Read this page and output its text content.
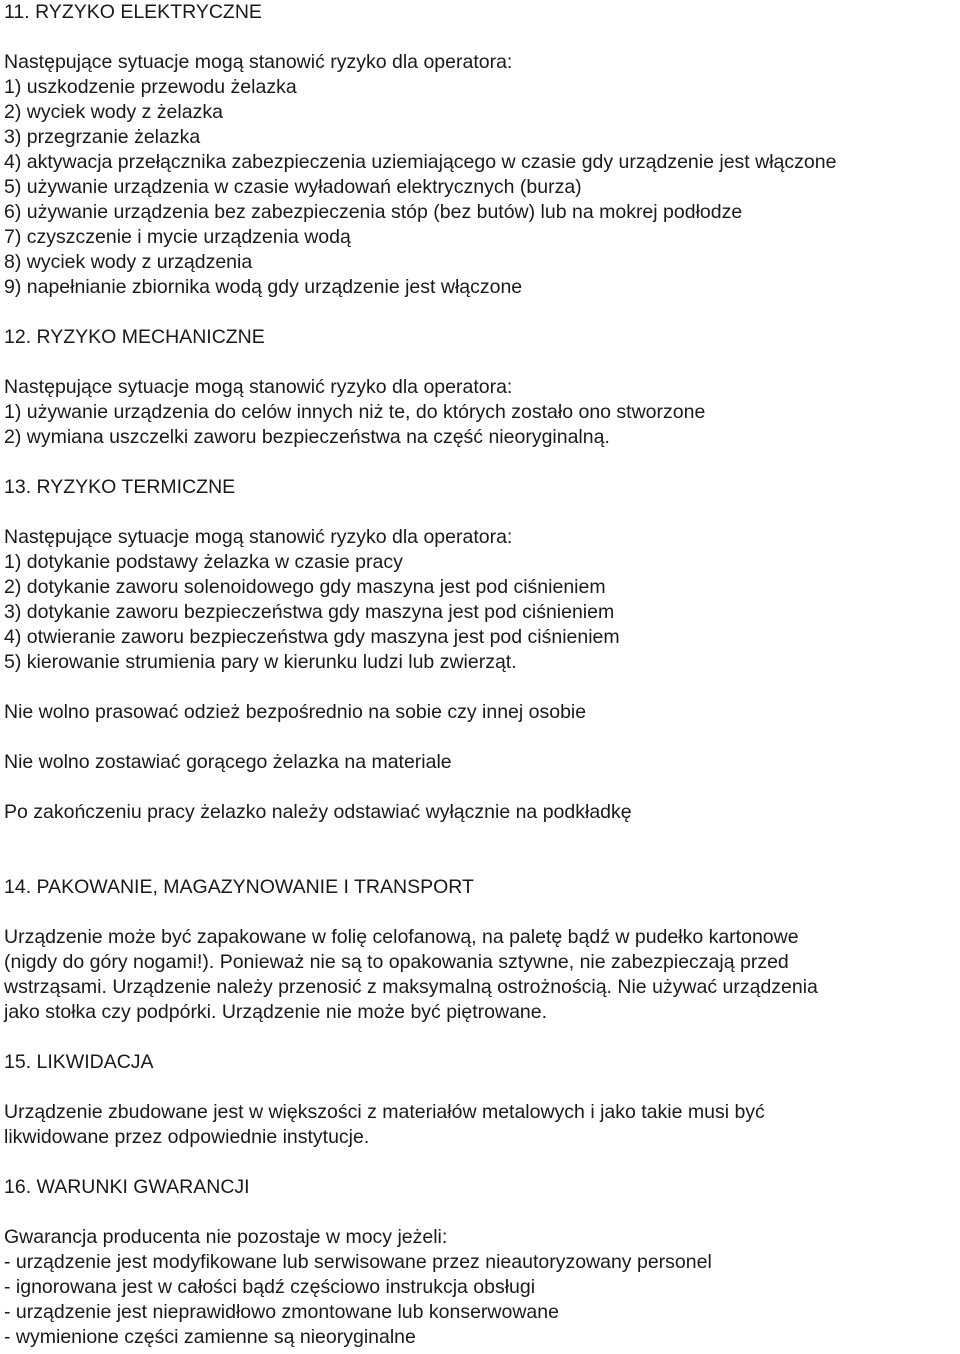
11. RYZYKO ELEKTRYCZNE
Następujące sytuacje mogą stanowić ryzyko dla operatora:
1) uszkodzenie przewodu żelazka
2) wyciek wody z żelazka
3) przegrzanie żelazka
4) aktywacja przełącznika zabezpieczenia uziemiającego w czasie gdy urządzenie jest włączone
5) używanie urządzenia w czasie wyładowań elektrycznych (burza)
6) używanie urządzenia bez zabezpieczenia stóp (bez butów) lub na mokrej podłodze
7) czyszczenie i mycie urządzenia wodą
8) wyciek wody z urządzenia
9) napełnianie zbiornika wodą gdy urządzenie jest włączone
12. RYZYKO MECHANICZNE
Następujące sytuacje mogą stanowić ryzyko dla operatora:
1) używanie urządzenia do celów innych niż te, do których zostało ono stworzone
2) wymiana uszczelki zaworu bezpieczeństwa na część nieoryginalną.
13. RYZYKO TERMICZNE
Następujące sytuacje mogą stanowić ryzyko dla operatora:
1) dotykanie podstawy żelazka w czasie pracy
2) dotykanie zaworu solenoidowego gdy maszyna jest pod ciśnieniem
3) dotykanie zaworu bezpieczeństwa gdy maszyna jest pod ciśnieniem
4) otwieranie zaworu bezpieczeństwa gdy maszyna jest pod ciśnieniem
5) kierowanie strumienia pary w kierunku ludzi lub zwierząt.

Nie wolno prasować odzież bezpośrednio na sobie czy innej osobie

Nie wolno zostawiać gorącego żelazka na materiale

Po zakończeniu pracy żelazko należy odstawiać wyłącznie na podkładkę

14. PAKOWANIE, MAGAZYNOWANIE I TRANSPORT
Urządzenie może być zapakowane w folię celofanową, na paletę bądź w pudełko kartonowe
(nigdy do góry nogami!). Ponieważ nie są to opakowania sztywne, nie zabezpieczają przed
wstrząsami. Urządzenie należy przenosić z maksymalną ostrożnością. Nie używać urządzenia
jako stołka czy podpórki. Urządzenie nie może być piętrowane.
15. LIKWIDACJA
Urządzenie zbudowane jest w większości z materiałów metalowych i jako takie musi być
likwidowane przez odpowiednie instytucje.
16. WARUNKI GWARANCJI
Gwarancja producenta nie pozostaje w mocy jeżeli:
- urządzenie jest modyfikowane lub serwisowane przez nieautoryzowany personel
- ignorowana jest w całości bądź częściowo instrukcja obsługi
- urządzenie jest nieprawidłowo zmontowane lub konserwowane
- wymienione części zamienne są nieoryginalne
